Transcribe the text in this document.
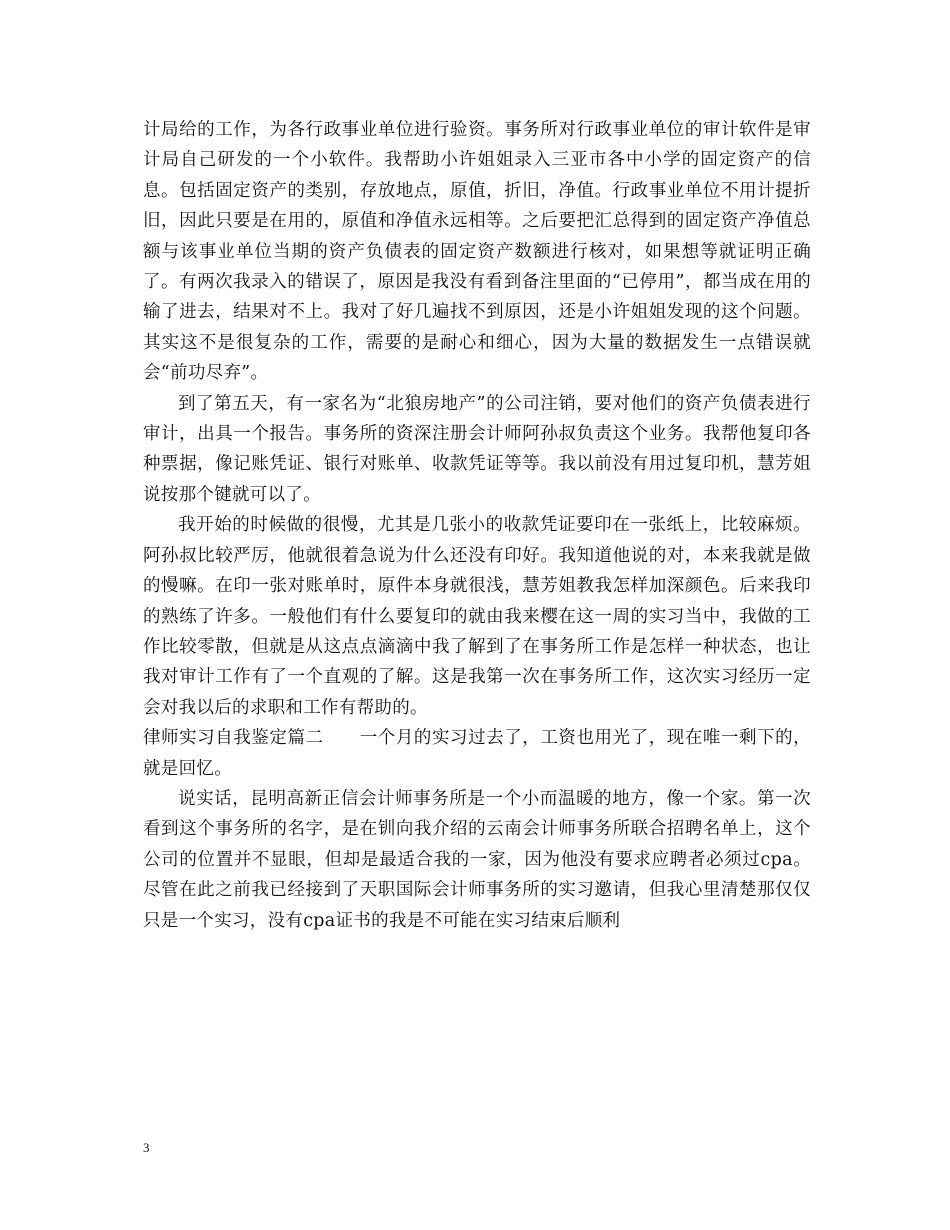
计局给的工作，为各行政事业单位进行验资。事务所对行政事业单位的审计软件是审计局自己研发的一个小软件。我帮助小许姐姐录入三亚市各中小学的固定资产的信息。包括固定资产的类别，存放地点，原值，折旧，净值。行政事业单位不用计提折旧，因此只要是在用的，原值和净值永远相等。之后要把汇总得到的固定资产净值总额与该事业单位当期的资产负债表的固定资产数额进行核对，如果想等就证明正确了。有两次我录入的错误了，原因是我没有看到备注里面的“已停用”，都当成在用的输了进去，结果对不上。我对了好几遍找不到原因，还是小许姐姐发现的这个问题。其实这不是很复杂的工作，需要的是耐心和细心，因为大量的数据发生一点错误就会“前功尽弃”。

到了第五天，有一家名为“北狼房地产”的公司注销，要对他们的资产负债表进行审计，出具一个报告。事务所的资深注册会计师阿孙叔负责这个业务。我帮他复印各种票据，像记账凭证、银行对账单、收款凭证等等。我以前没有用过复印机，慧芳姐说按那个键就可以了。

我开始的时候做的很慢，尤其是几张小的收款凭证要印在一张纸上，比较麻烦。阿孙叔比较严厉，他就很着急说为什么还没有印好。我知道他说的对，本来我就是做的慢嘛。在印一张对账单时，原件本身就很浅，慧芳姐教我怎样加深颜色。后来我印的熟练了许多。一般他们有什么要复印的就由我来樱在这一周的实习当中，我做的工作比较零散，但就是从这点点滴滴中我了解到了在事务所工作是怎样一种状态，也让我对审计工作有了一个直观的了解。这是我第一次在事务所工作，这次实习经历一定会对我以后的求职和工作有帮助的。

律师实习自我鉴定篇二　　一个月的实习过去了，工资也用光了，现在唯一剩下的，就是回忆。

说实话，昆明高新正信会计师事务所是一个小而温暖的地方，像一个家。第一次看到这个事务所的名字，是在钏向我介绍的云南会计师事务所联合招聘名单上，这个公司的位置并不显眼，但却是最适合我的一家，因为他没有要求应聘者必须过cpa。尽管在此之前我已经接到了天职国际会计师事务所的实习邀请，但我心里清楚那仅仅只是一个实习，没有cpa证书的我是不可能在实习结束后顺利

3
